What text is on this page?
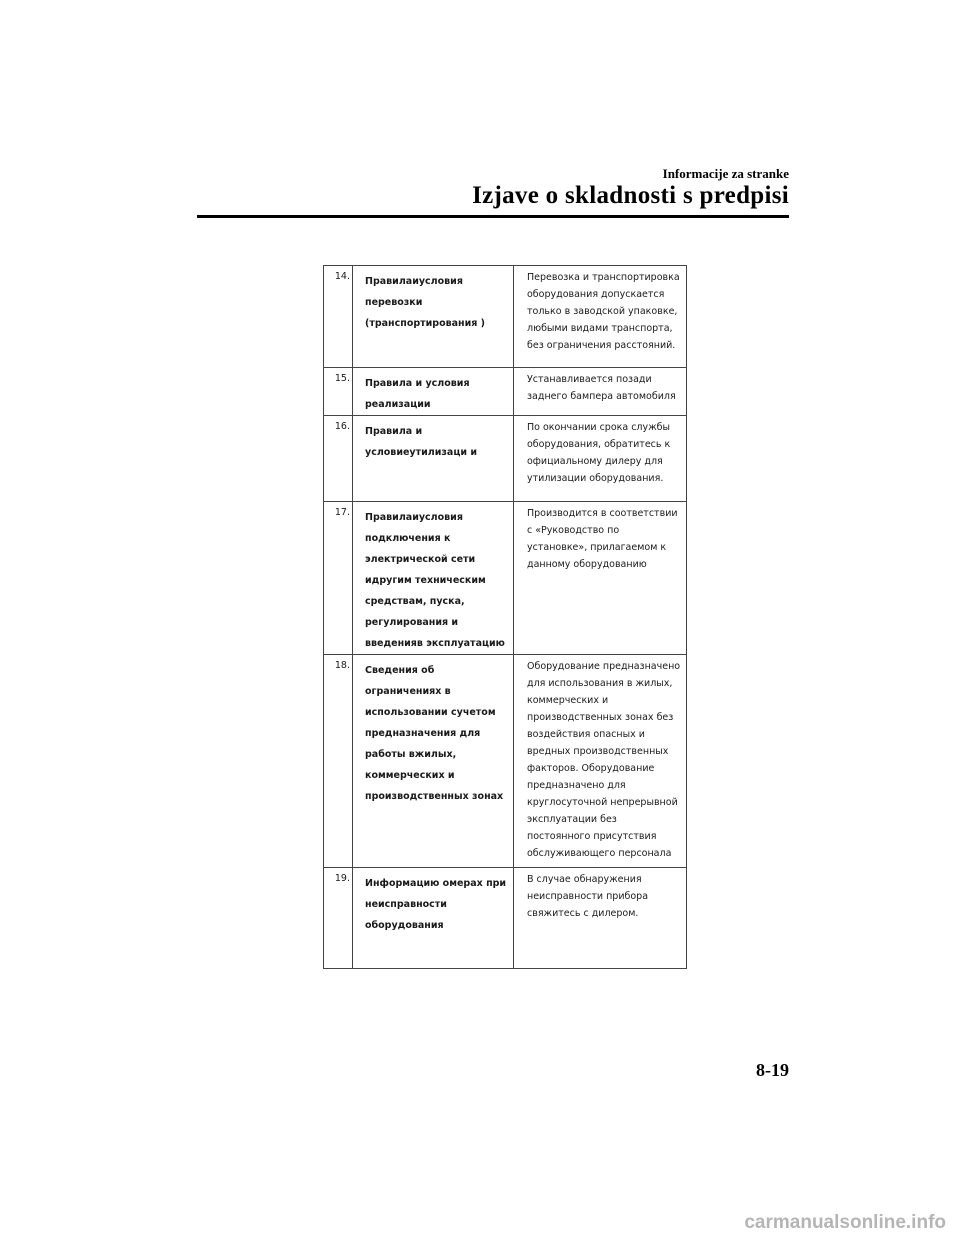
Informacije za stranke
Izjave o skladnosti s predpisi
14.	Правилаиусловия перевозки (транспортирования )	Перевозка и транспортировка оборудования допускается только в заводской упаковке, любыми видами транспорта, без ограничения расстояний.
15.	Правила и условия реализации	Устанавливается позади заднего бампера автомобиля
16.	Правила и условиеутилизаци и	По окончании срока службы оборудования, обратитесь к официальному дилеру для утилизации оборудования.
17.	Правилаиусловия подключения к электрической сети идругим техническим средствам, пуска, регулирования и введенияв эксплуатацию	Производится в соответствии с «Руководство по установке», прилагаемом к данному оборудованию
18.	Сведения об ограничениях в использовании сучетом предназначения для работы вжилых, коммерческих и производственных зонах	Оборудование предназначено для использования в жилых, коммерческих и производственных зонах без воздействия опасных и вредных производственных факторов. Оборудование предназначено для круглосуточной непрерывной эксплуатации без постоянного присутствия обслуживающего персонала
19.	Информацию омерах при неисправности оборудования	В случае обнаружения неисправности прибора свяжитесь с дилером.
8-19
carmanualsonline.info
